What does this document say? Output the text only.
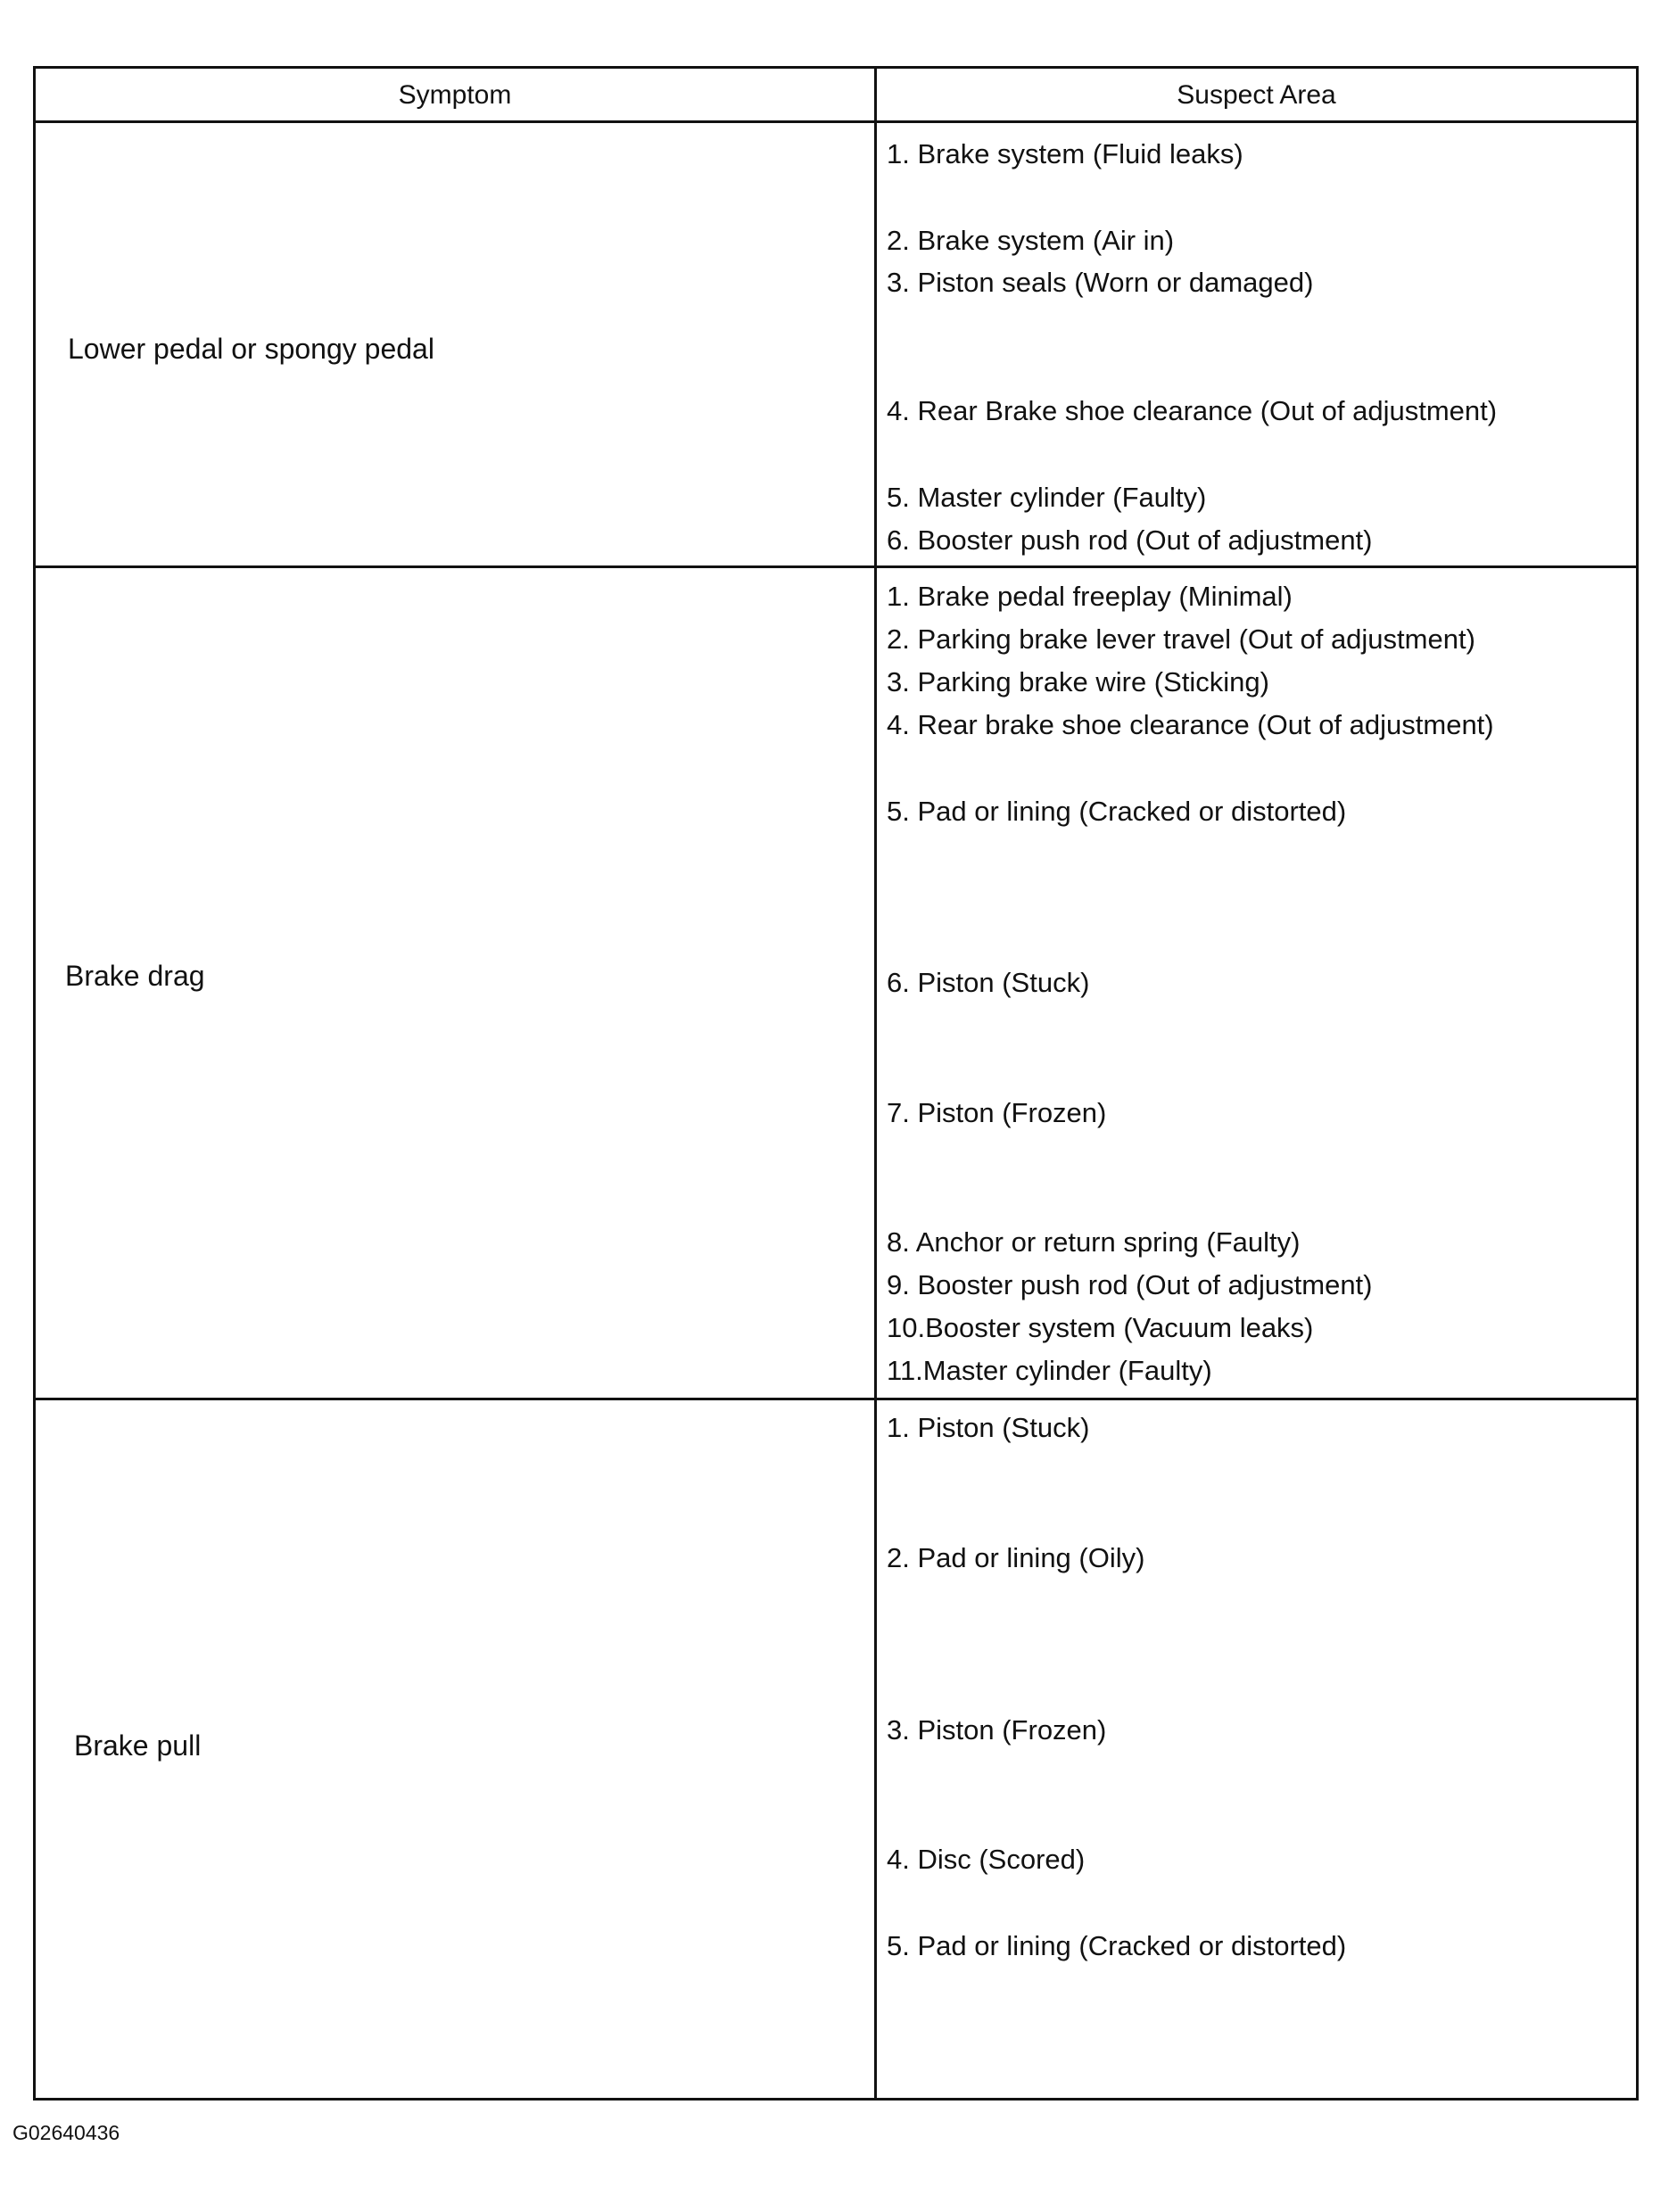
Symptom	Suspect Area
Lower pedal or spongy pedal
1. Brake system (Fluid leaks)
2. Brake system (Air in)
3. Piston seals (Worn or damaged)
4. Rear Brake shoe clearance (Out of adjustment)
5. Master cylinder (Faulty)
6. Booster push rod (Out of adjustment)
Brake drag
1. Brake pedal freeplay (Minimal)
2. Parking brake lever travel (Out of adjustment)
3. Parking brake wire (Sticking)
4. Rear brake shoe clearance (Out of adjustment)
5. Pad or lining (Cracked or distorted)
6. Piston (Stuck)
7. Piston (Frozen)
8. Anchor or return spring (Faulty)
9. Booster push rod (Out of adjustment)
10.Booster system (Vacuum leaks)
11.Master cylinder (Faulty)
Brake pull
1. Piston (Stuck)
2. Pad or lining (Oily)
3. Piston (Frozen)
4. Disc (Scored)
5. Pad or lining (Cracked or distorted)
G02640436
